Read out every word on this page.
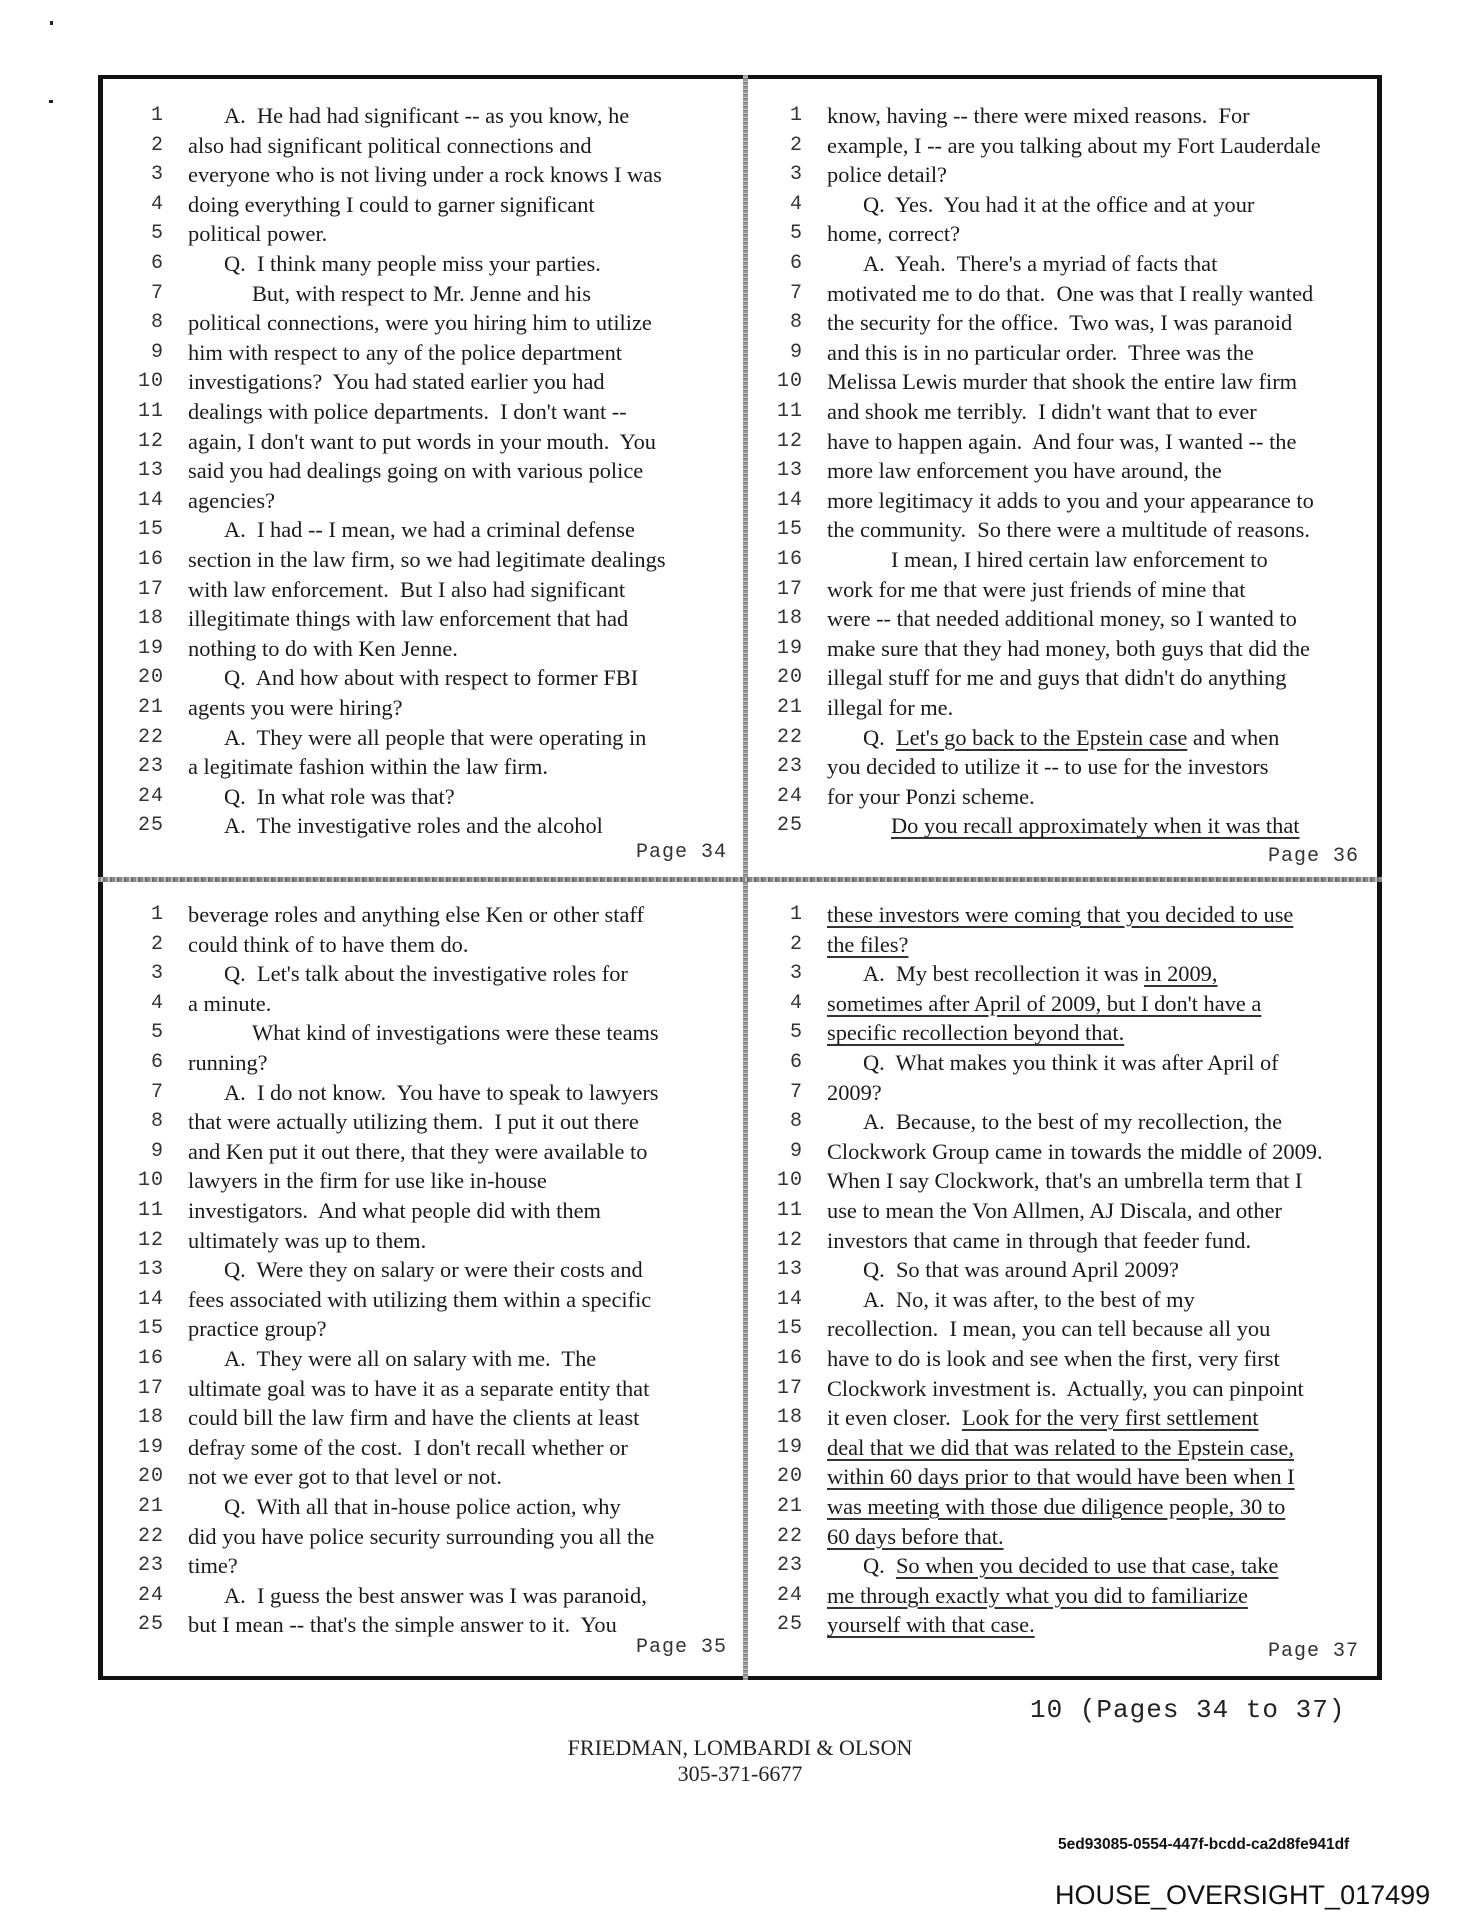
1	A.  He had had significant -- as you know, he
2 also had significant political connections and
3 everyone who is not living under a rock knows I was
4 doing everything I could to garner significant
5 political power.
6	Q.  I think many people miss your parties.
7	But, with respect to Mr. Jenne and his
8 political connections, were you hiring him to utilize
9 him with respect to any of the police department
10 investigations?  You had stated earlier you had
11 dealings with police departments.  I don't want --
12 again, I don't want to put words in your mouth.  You
13 said you had dealings going on with various police
14 agencies?
15	A.  I had -- I mean, we had a criminal defense
16 section in the law firm, so we had legitimate dealings
17 with law enforcement.  But I also had significant
18 illegitimate things with law enforcement that had
19 nothing to do with Ken Jenne.
20	Q.  And how about with respect to former FBI
21 agents you were hiring?
22	A.  They were all people that were operating in
23 a legitimate fashion within the law firm.
24	Q.  In what role was that?
25	A.  The investigative roles and the alcohol
1 know, having -- there were mixed reasons.  For
2 example, I -- are you talking about my Fort Lauderdale
3 police detail?
4	Q.  Yes.  You had it at the office and at your
5 home, correct?
6	A.  Yeah.  There's a myriad of facts that
7 motivated me to do that.  One was that I really wanted
8 the security for the office.  Two was, I was paranoid
9 and this is in no particular order.  Three was the
10 Melissa Lewis murder that shook the entire law firm
11 and shook me terribly.  I didn't want that to ever
12 have to happen again.  And four was, I wanted -- the
13 more law enforcement you have around, the
14 more legitimacy it adds to you and your appearance to
15 the community.  So there were a multitude of reasons.
16	I mean, I hired certain law enforcement to
17 work for me that were just friends of mine that
18 were -- that needed additional money, so I wanted to
19 make sure that they had money, both guys that did the
20 illegal stuff for me and guys that didn't do anything
21 illegal for me.
22	Q.  Let's go back to the Epstein case and when
23 you decided to utilize it -- to use for the investors
24 for your Ponzi scheme.
25	Do you recall approximately when it was that
1 beverage roles and anything else Ken or other staff
2 could think of to have them do.
3	Q.  Let's talk about the investigative roles for
4 a minute.
5	What kind of investigations were these teams
6 running?
7	A.  I do not know.  You have to speak to lawyers
8 that were actually utilizing them.  I put it out there
9 and Ken put it out there, that they were available to
10 lawyers in the firm for use like in-house
11 investigators.  And what people did with them
12 ultimately was up to them.
13	Q.  Were they on salary or were their costs and
14 fees associated with utilizing them within a specific
15 practice group?
16	A.  They were all on salary with me.  The
17 ultimate goal was to have it as a separate entity that
18 could bill the law firm and have the clients at least
19 defray some of the cost.  I don't recall whether or
20 not we ever got to that level or not.
21	Q.  With all that in-house police action, why
22 did you have police security surrounding you all the
23 time?
24	A.  I guess the best answer was I was paranoid,
25 but I mean -- that's the simple answer to it.  You
1 these investors were coming that you decided to use
2 the files?
3	A.  My best recollection it was in 2009,
4 sometimes after April of 2009, but I don't have a
5 specific recollection beyond that.
6	Q.  What makes you think it was after April of
7 2009?
8	A.  Because, to the best of my recollection, the
9 Clockwork Group came in towards the middle of 2009.
10 When I say Clockwork, that's an umbrella term that I
11 use to mean the Von Allmen, AJ Discala, and other
12 investors that came in through that feeder fund.
13	Q.  So that was around April 2009?
14	A.  No, it was after, to the best of my
15 recollection.  I mean, you can tell because all you
16 have to do is look and see when the first, very first
17 Clockwork investment is.  Actually, you can pinpoint
18 it even closer.  Look for the very first settlement
19 deal that we did that was related to the Epstein case,
20 within 60 days prior to that would have been when I
21 was meeting with those due diligence people, 30 to
22 60 days before that.
23	Q.  So when you decided to use that case, take
24 me through exactly what you did to familiarize
25 yourself with that case.
Page 34	Page 36
Page 35	Page 37
10 (Pages 34 to 37)
FRIEDMAN, LOMBARDI & OLSON
305-371-6677
5ed93085-0554-447f-bcdd-ca2d8fe941df
HOUSE_OVERSIGHT_017499
